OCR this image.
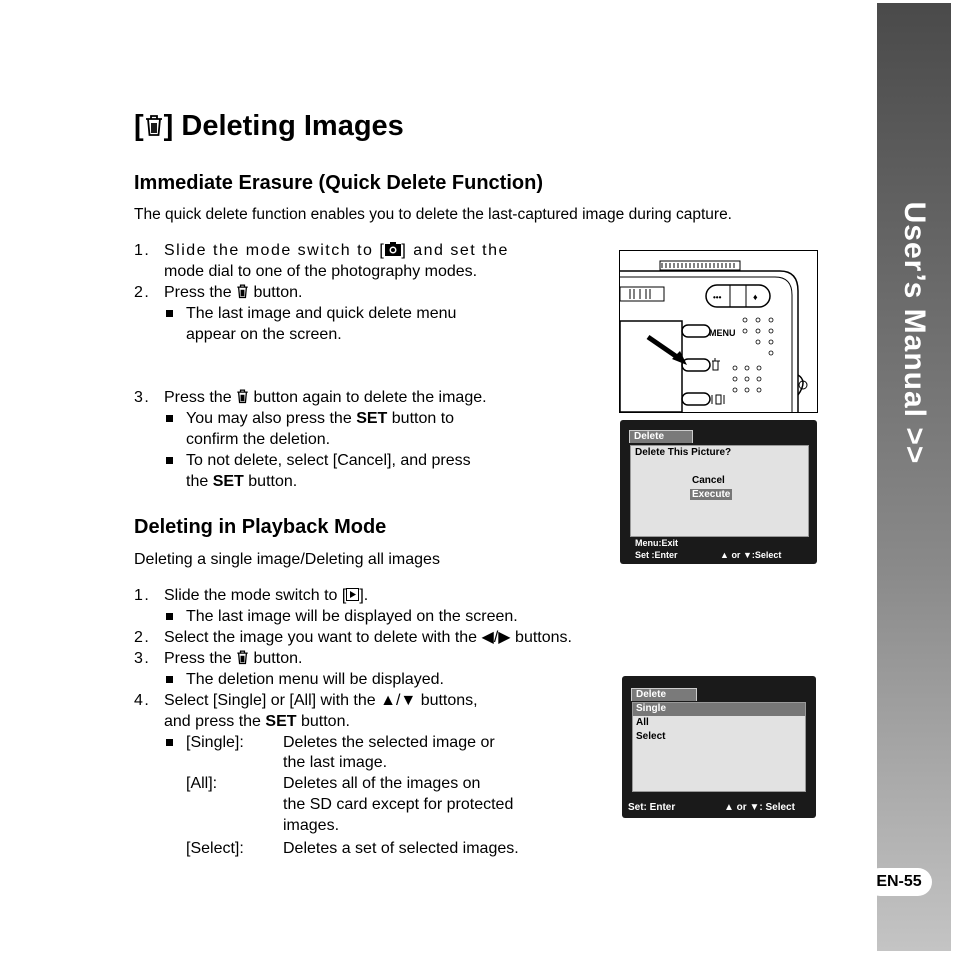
User’s Manual >>
EN-55
[ ] Deleting Images
Immediate Erasure (Quick Delete Function)
The quick delete function enables you to delete the last-captured image during capture.
1. Slide the mode switch to [ ] and set the
mode dial to one of the photography modes.
2. Press the button.
The last image and quick delete menu
appear on the screen.
3. Press the button again to delete the image.
You may also press the SET button to
confirm the deletion.
To not delete, select [Cancel], and press
the SET button.
•••	♦
MENU
Delete
Delete This Picture?
Cancel
Execute
Menu:Exit
Set :Enter	▲ or ▼:Select
Deleting in Playback Mode
Deleting a single image/Deleting all images
1. Slide the mode switch to [ ].
The last image will be displayed on the screen.
2. Select the image you want to delete with the ◀/▶ buttons.
3. Press the button.
The deletion menu will be displayed.
4. Select [Single] or [All] with the ▲/▼ buttons,
and press the SET button.
[Single]: Deletes the selected image or
the last image.
[All]:	Deletes all of the images on
the SD card except for protected
images.
[Select]: Deletes a set of selected images.
Delete
Single
All
Select
Set: Enter	▲ or ▼: Select
